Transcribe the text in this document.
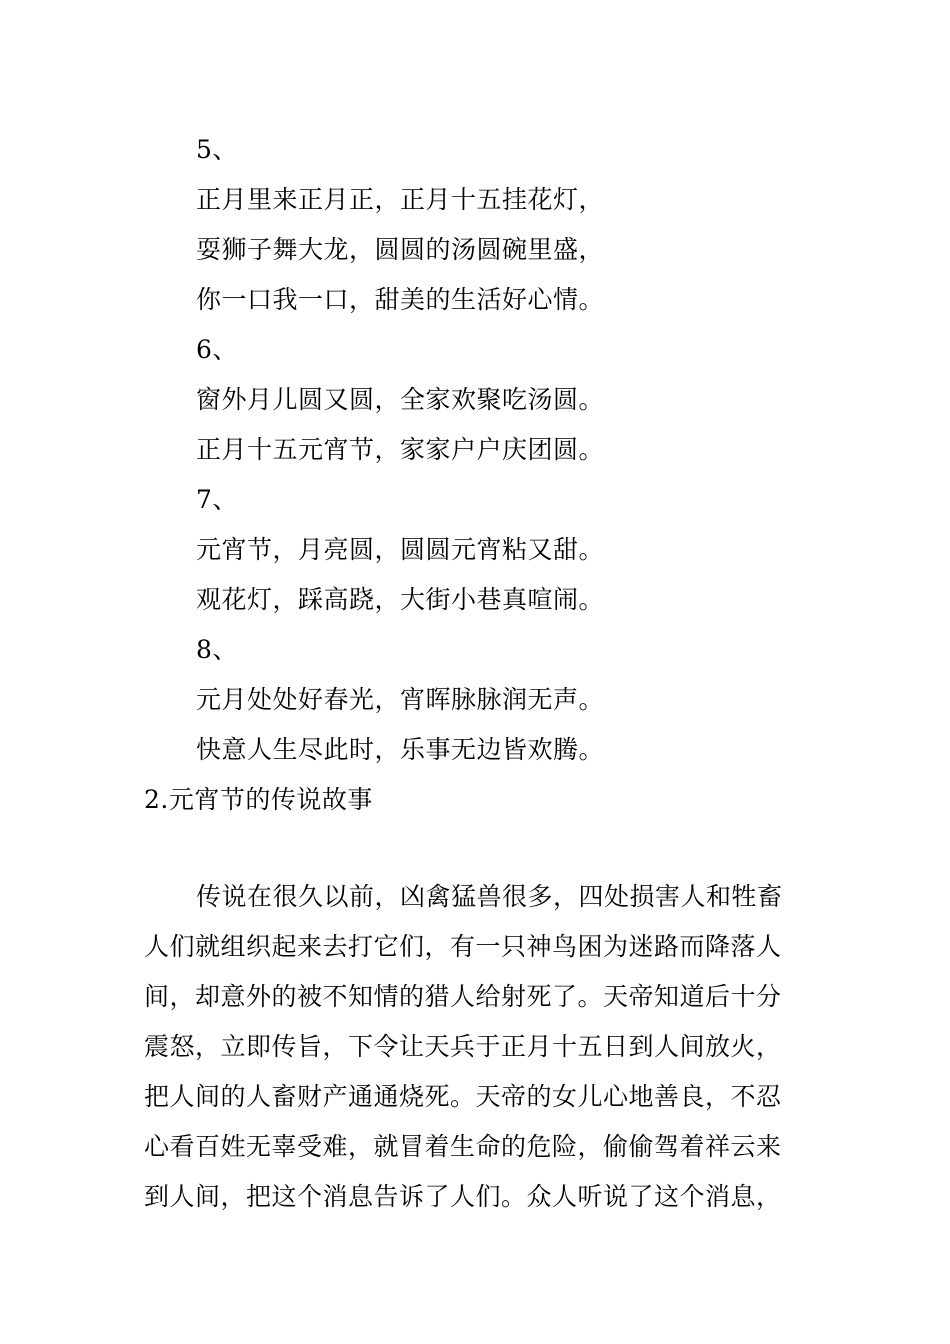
5、
正月里来正月正，正月十五挂花灯，
耍狮子舞大龙，圆圆的汤圆碗里盛，
你一口我一口，甜美的生活好心情。
6、
窗外月儿圆又圆，全家欢聚吃汤圆。
正月十五元宵节，家家户户庆团圆。
7、
元宵节，月亮圆，圆圆元宵粘又甜。
观花灯，踩高跷，大街小巷真喧闹。
8、
元月处处好春光，宵晖脉脉润无声。
快意人生尽此时，乐事无边皆欢腾。
2.元宵节的传说故事
传说在很久以前，凶禽猛兽很多，四处损害人和牲畜
人们就组织起来去打它们，有一只神鸟困为迷路而降落人
间，却意外的被不知情的猎人给射死了。天帝知道后十分
震怒，立即传旨，下令让天兵于正月十五日到人间放火，
把人间的人畜财产通通烧死。天帝的女儿心地善良，不忍
心看百姓无辜受难，就冒着生命的危险，偷偷驾着祥云来
到人间，把这个消息告诉了人们。众人听说了这个消息，
